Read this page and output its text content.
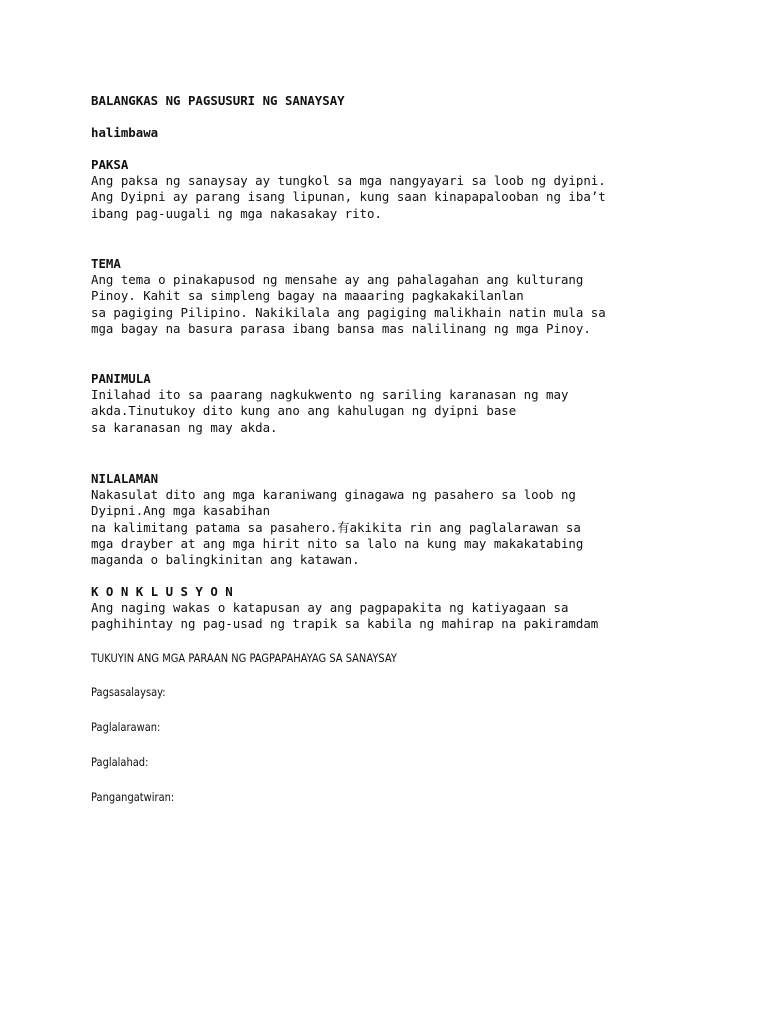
BALANGKAS NG PAGSUSURI NG SANAYSAY
halimbawa
PAKSA
Ang paksa ng sanaysay ay tungkol sa mga nangyayari sa loob ng dyipni.
Ang Dyipni ay parang isang lipunan, kung saan kinapapalooban ng iba’t
ibang pag-uugali ng mga nakasakay rito.
TEMA
Ang tema o pinakapusod ng mensahe ay ang pahalagahan ang kulturang
Pinoy. Kahit sa simpleng bagay na maaaring pagkakakilanlan
sa pagiging Pilipino. Nakikilala ang pagiging malikhain natin mula sa
mga bagay na basura parasa ibang bansa mas nalilinang ng mga Pinoy.
PANIMULA
Inilahad ito sa paarang nagkukwento ng sariling karanasan ng may
akda.Tinutukoy dito kung ano ang kahulugan ng dyipni base
sa karanasan ng may akda.
NILALAMAN
Nakasulat dito ang mga karaniwang ginagawa ng pasahero sa loob ng
Dyipni.Ang mga kasabihan
na kalimitang patama sa pasahero.有akikita rin ang paglalarawan sa
mga drayber at ang mga hirit nito sa lalo na kung may makakatabing
maganda o balingkinitan ang katawan.
K O N K L U S Y O N
Ang naging wakas o katapusan ay ang pagpapakita ng katiyagaan sa
paghihintay ng pag-usad ng trapik sa kabila ng mahirap na pakiramdam
TUKUYIN ANG MGA PARAAN NG PAGPAPAHAYAG SA SANAYSAY
Pagsasalaysay:
Paglalarawan:
Paglalahad:
Pangangatwiran:
